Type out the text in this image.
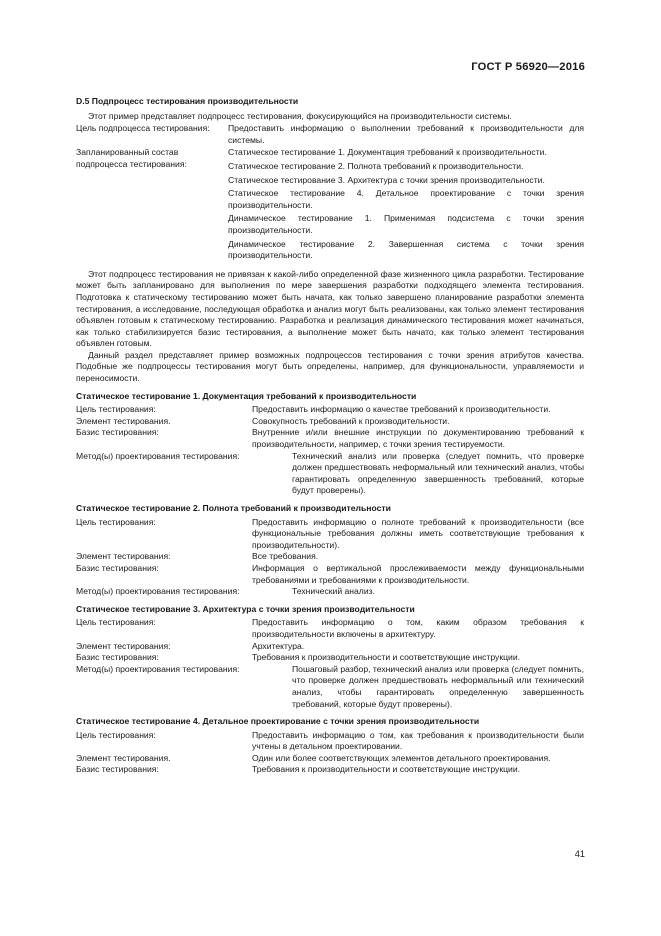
ГОСТ Р 56920—2016
D.5 Подпроцесс тестирования производительности

Этот пример представляет подпроцесс тестирования, фокусирующийся на производительности системы.

Цель подпроцесса тестирования:	Предоставить информацию о выполнении требований к производительности для системы.
Запланированный состав
подпроцесса тестирования:
Статическое тестирование 1. Документация требований к производительности.
Статическое тестирование 2. Полнота требований к производительности.
Статическое тестирование 3. Архитектура с точки зрения производительности.
Статическое тестирование 4. Детальное проектирование с точки зрения производительности.
Динамическое тестирование 1. Применимая подсистема с точки зрения производительности.
Динамическое тестирование 2. Завершенная система с точки зрения производительности.

Этот подпроцесс тестирования не привязан к какой-либо определенной фазе жизненного цикла разработки. Тестирование может быть запланировано для выполнения по мере завершения разработки подходящего элемента тестирования. Подготовка к статическому тестированию может быть начата, как только завершено планирование разработки элемента тестирования, а исследование, последующая обработка и анализ могут быть реализованы, как только элемент тестирования объявлен готовым к статическому тестированию. Разработка и реализация динамического тестирования может начинаться, как только стабилизируется базис тестирования, а выполнение может быть начато, как только элемент тестирования объявлен готовым.

Данный раздел представляет пример возможных подпроцессов тестирования с точки зрения атрибутов качества. Подобные же подпроцессы тестирования могут быть определены, например, для функциональности, управляемости и переносимости.

Статическое тестирование 1. Документация требований к производительности
Цель тестирования:	Предоставить информацию о качестве требований к производительности.
Элемент тестирования.	Совокупность требований к производительности.
Базис тестирования:	Внутренние и/или внешние инструкции по документированию требований к производительности, например, с точки зрения тестируемости.
Метод(ы) проектирования тестирования:	Технический анализ или проверка (следует помнить, что проверке должен предшествовать неформальный или технический анализ, чтобы гарантировать определенную завершенность требований, которые будут проверены).
Статическое тестирование 2. Полнота требований к производительности
Цель тестирования:	Предоставить информацию о полноте требований к производительности (все функциональные требования должны иметь соответствующие требования к производительности).
Элемент тестирования:	Все требования.
Базис тестирования:	Информация о вертикальной прослеживаемости между функциональными требованиями и требованиями к производительности.
Метод(ы) проектирования тестирования:	Технический анализ.
Статическое тестирование 3. Архитектура с точки зрения производительности
Цель тестирования:	Предоставить информацию о том, каким образом требования к производительности включены в архитектуру.
Элемент тестирования:	Архитектура.
Базис тестирования:	Требования к производительности и соответствующие инструкции.
Метод(ы) проектирования тестирования:	Пошаговый разбор, технический анализ или проверка (следует помнить, что проверке должен предшествовать неформальный или технический анализ, чтобы гарантировать определенную завершенность требований, которые будут проверены).
Статическое тестирование 4. Детальное проектирование с точки зрения производительности
Цель тестирования:	Предоставить информацию о том, как требования к производительности были учтены в детальном проектировании.
Элемент тестирования.	Один или более соответствующих элементов детального проектирования.
Базис тестирования:	Требования к производительности и соответствующие инструкции.
41
